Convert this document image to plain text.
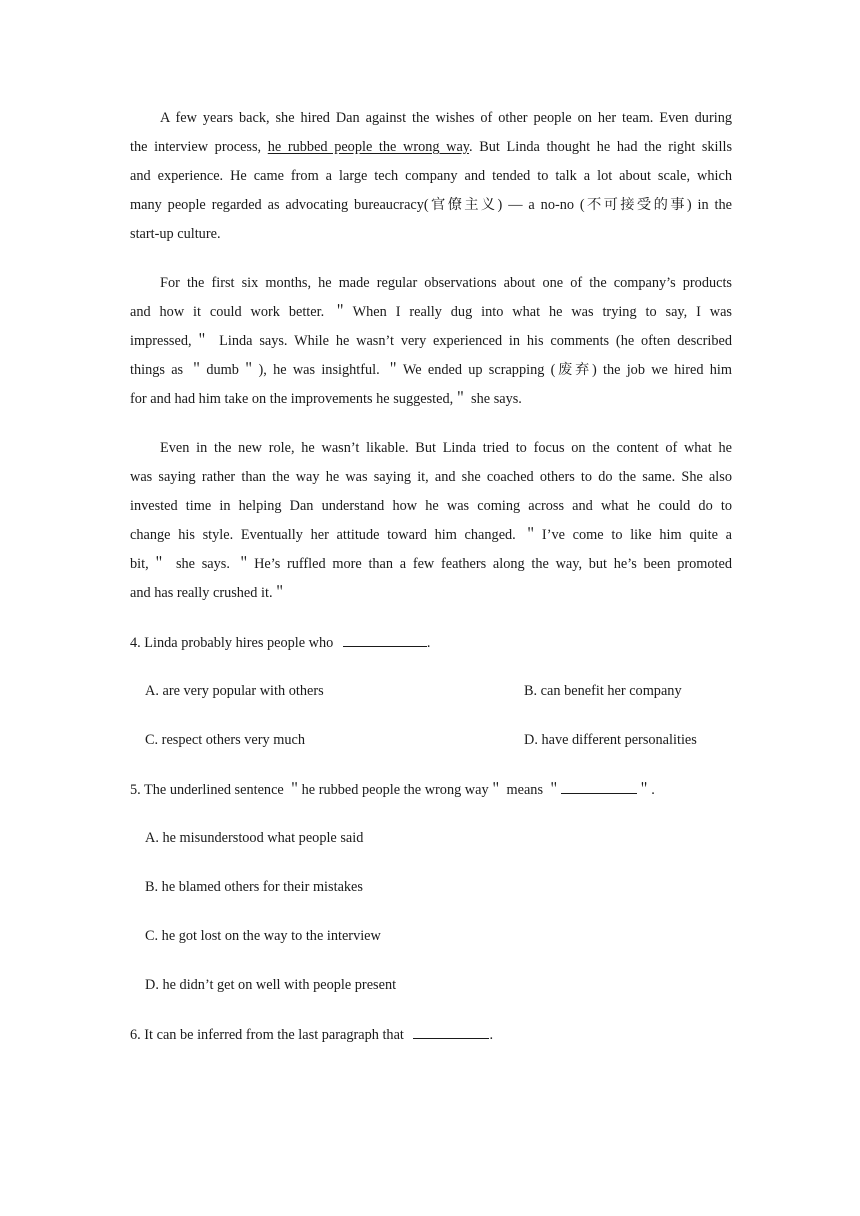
A few years back, she hired Dan against the wishes of other people on her team. Even during
the interview process, he rubbed people the wrong way. But Linda thought he had the right skills
and experience. He came from a large tech company and tended to talk a lot about scale, which
many people regarded as advocating bureaucracy(官僚主义) — a no-no (不可接受的事) in the
start-up culture.
For the first six months, he made regular observations about one of the company’s products
and how it could work better. ＂When I really dug into what he was trying to say, I was
impressed,＂ Linda says. While he wasn’t very experienced in his comments (he often described
things as ＂dumb＂), he was insightful. ＂We ended up scrapping (废弃) the job we hired him
for and had him take on the improvements he suggested,＂ she says.
Even in the new role, he wasn’t likable. But Linda tried to focus on the content of what he
was saying rather than the way he was saying it, and she coached others to do the same. She also
invested time in helping Dan understand how he was coming across and what he could do to
change his style. Eventually her attitude toward him changed. ＂I’ve come to like him quite a
bit,＂ she says. ＂He’s ruffled more than a few feathers along the way, but he’s been promoted
and has really crushed it.＂
4. Linda probably hires people who	.
A. are very popular with others	B. can benefit her company
C. respect others very much	D. have different personalities
5. The underlined sentence ＂he rubbed people the wrong way＂ means ＂	＂.
A. he misunderstood what people said
B. he blamed others for their mistakes
C. he got lost on the way to the interview
D. he didn’t get on well with people present
6. It can be inferred from the last paragraph that	.
